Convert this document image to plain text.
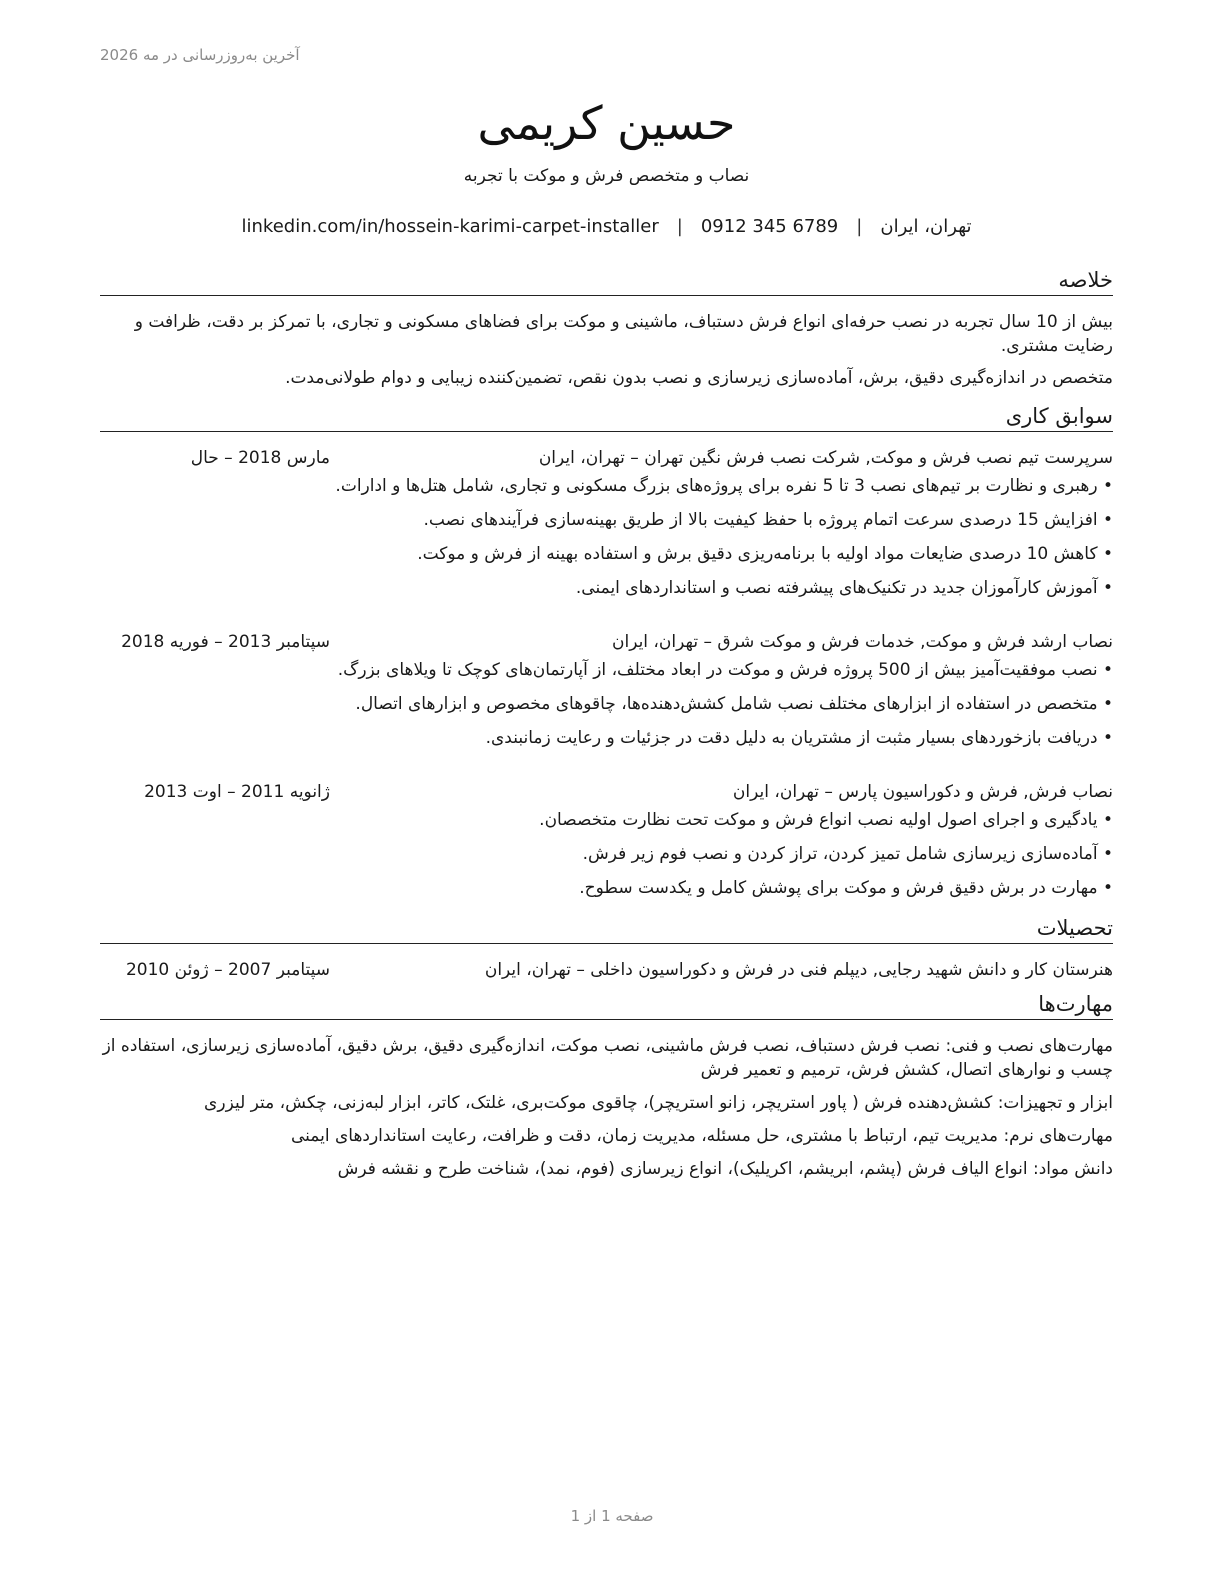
آخرین به‌روزرسانی در مه 2026
حسین کریمی
نصاب و متخصص فرش و موکت با تجربه
تهران، ایران
|
0912 345 6789
|
linkedin.com/in/hossein-karimi-carpet-installer
خلاصه

بیش از 10 سال تجربه در نصب حرفه‌ای انواع فرش دستباف، ماشینی و موکت برای فضاهای مسکونی و تجاری، با تمرکز بر دقت، ظرافت و رضایت مشتری.

متخصص در اندازه‌گیری دقیق، برش، آماده‌سازی زیرسازی و نصب بدون نقص، تضمین‌کننده زیبایی و دوام طولانی‌مدت.

سوابق کاری
سرپرست تیم نصب فرش و موکت, شرکت نصب فرش نگین تهران – تهران، ایران
مارس 2018 – حال
• رهبری و نظارت بر تیم‌های نصب 3 تا 5 نفره برای پروژه‌های بزرگ مسکونی و تجاری، شامل هتل‌ها و ادارات.
• افزایش 15 درصدی سرعت اتمام پروژه با حفظ کیفیت بالا از طریق بهینه‌سازی فرآیندهای نصب.
• کاهش 10 درصدی ضایعات مواد اولیه با برنامه‌ریزی دقیق برش و استفاده بهینه از فرش و موکت.
• آموزش کارآموزان جدید در تکنیک‌های پیشرفته نصب و استانداردهای ایمنی.
نصاب ارشد فرش و موکت, خدمات فرش و موکت شرق – تهران، ایران
سپتامبر 2013 – فوریه 2018
• نصب موفقیت‌آمیز بیش از 500 پروژه فرش و موکت در ابعاد مختلف، از آپارتمان‌های کوچک تا ویلاهای بزرگ.
• متخصص در استفاده از ابزارهای مختلف نصب شامل کشش‌دهنده‌ها، چاقوهای مخصوص و ابزارهای اتصال.
• دریافت بازخوردهای بسیار مثبت از مشتریان به دلیل دقت در جزئیات و رعایت زمانبندی.
نصاب فرش, فرش و دکوراسیون پارس – تهران، ایران
ژانویه 2011 – اوت 2013
• یادگیری و اجرای اصول اولیه نصب انواع فرش و موکت تحت نظارت متخصصان.
• آماده‌سازی زیرسازی شامل تمیز کردن، تراز کردن و نصب فوم زیر فرش.
• مهارت در برش دقیق فرش و موکت برای پوشش کامل و یکدست سطوح.
تحصیلات
هنرستان کار و دانش شهید رجایی, دیپلم فنی در فرش و دکوراسیون داخلی – تهران، ایران
سپتامبر 2007 – ژوئن 2010
مهارت‌ها

مهارت‌های نصب و فنی: نصب فرش دستباف، نصب فرش ماشینی، نصب موکت، اندازه‌گیری دقیق، برش دقیق، آماده‌سازی زیرسازی، استفاده از چسب و نوارهای اتصال، کشش فرش، ترمیم و تعمیر فرش

ابزار و تجهیزات: کشش‌دهنده فرش ( پاور استریچر، زانو استریچر)، چاقوی موکت‌بری، غلتک، کاتر، ابزار لبه‌زنی، چکش، متر لیزری

مهارت‌های نرم: مدیریت تیم، ارتباط با مشتری، حل مسئله، مدیریت زمان، دقت و ظرافت، رعایت استانداردهای ایمنی

دانش مواد: انواع الیاف فرش (پشم، ابریشم، اکریلیک)، انواع زیرسازی (فوم، نمد)، شناخت طرح و نقشه فرش

صفحه 1 از 1
